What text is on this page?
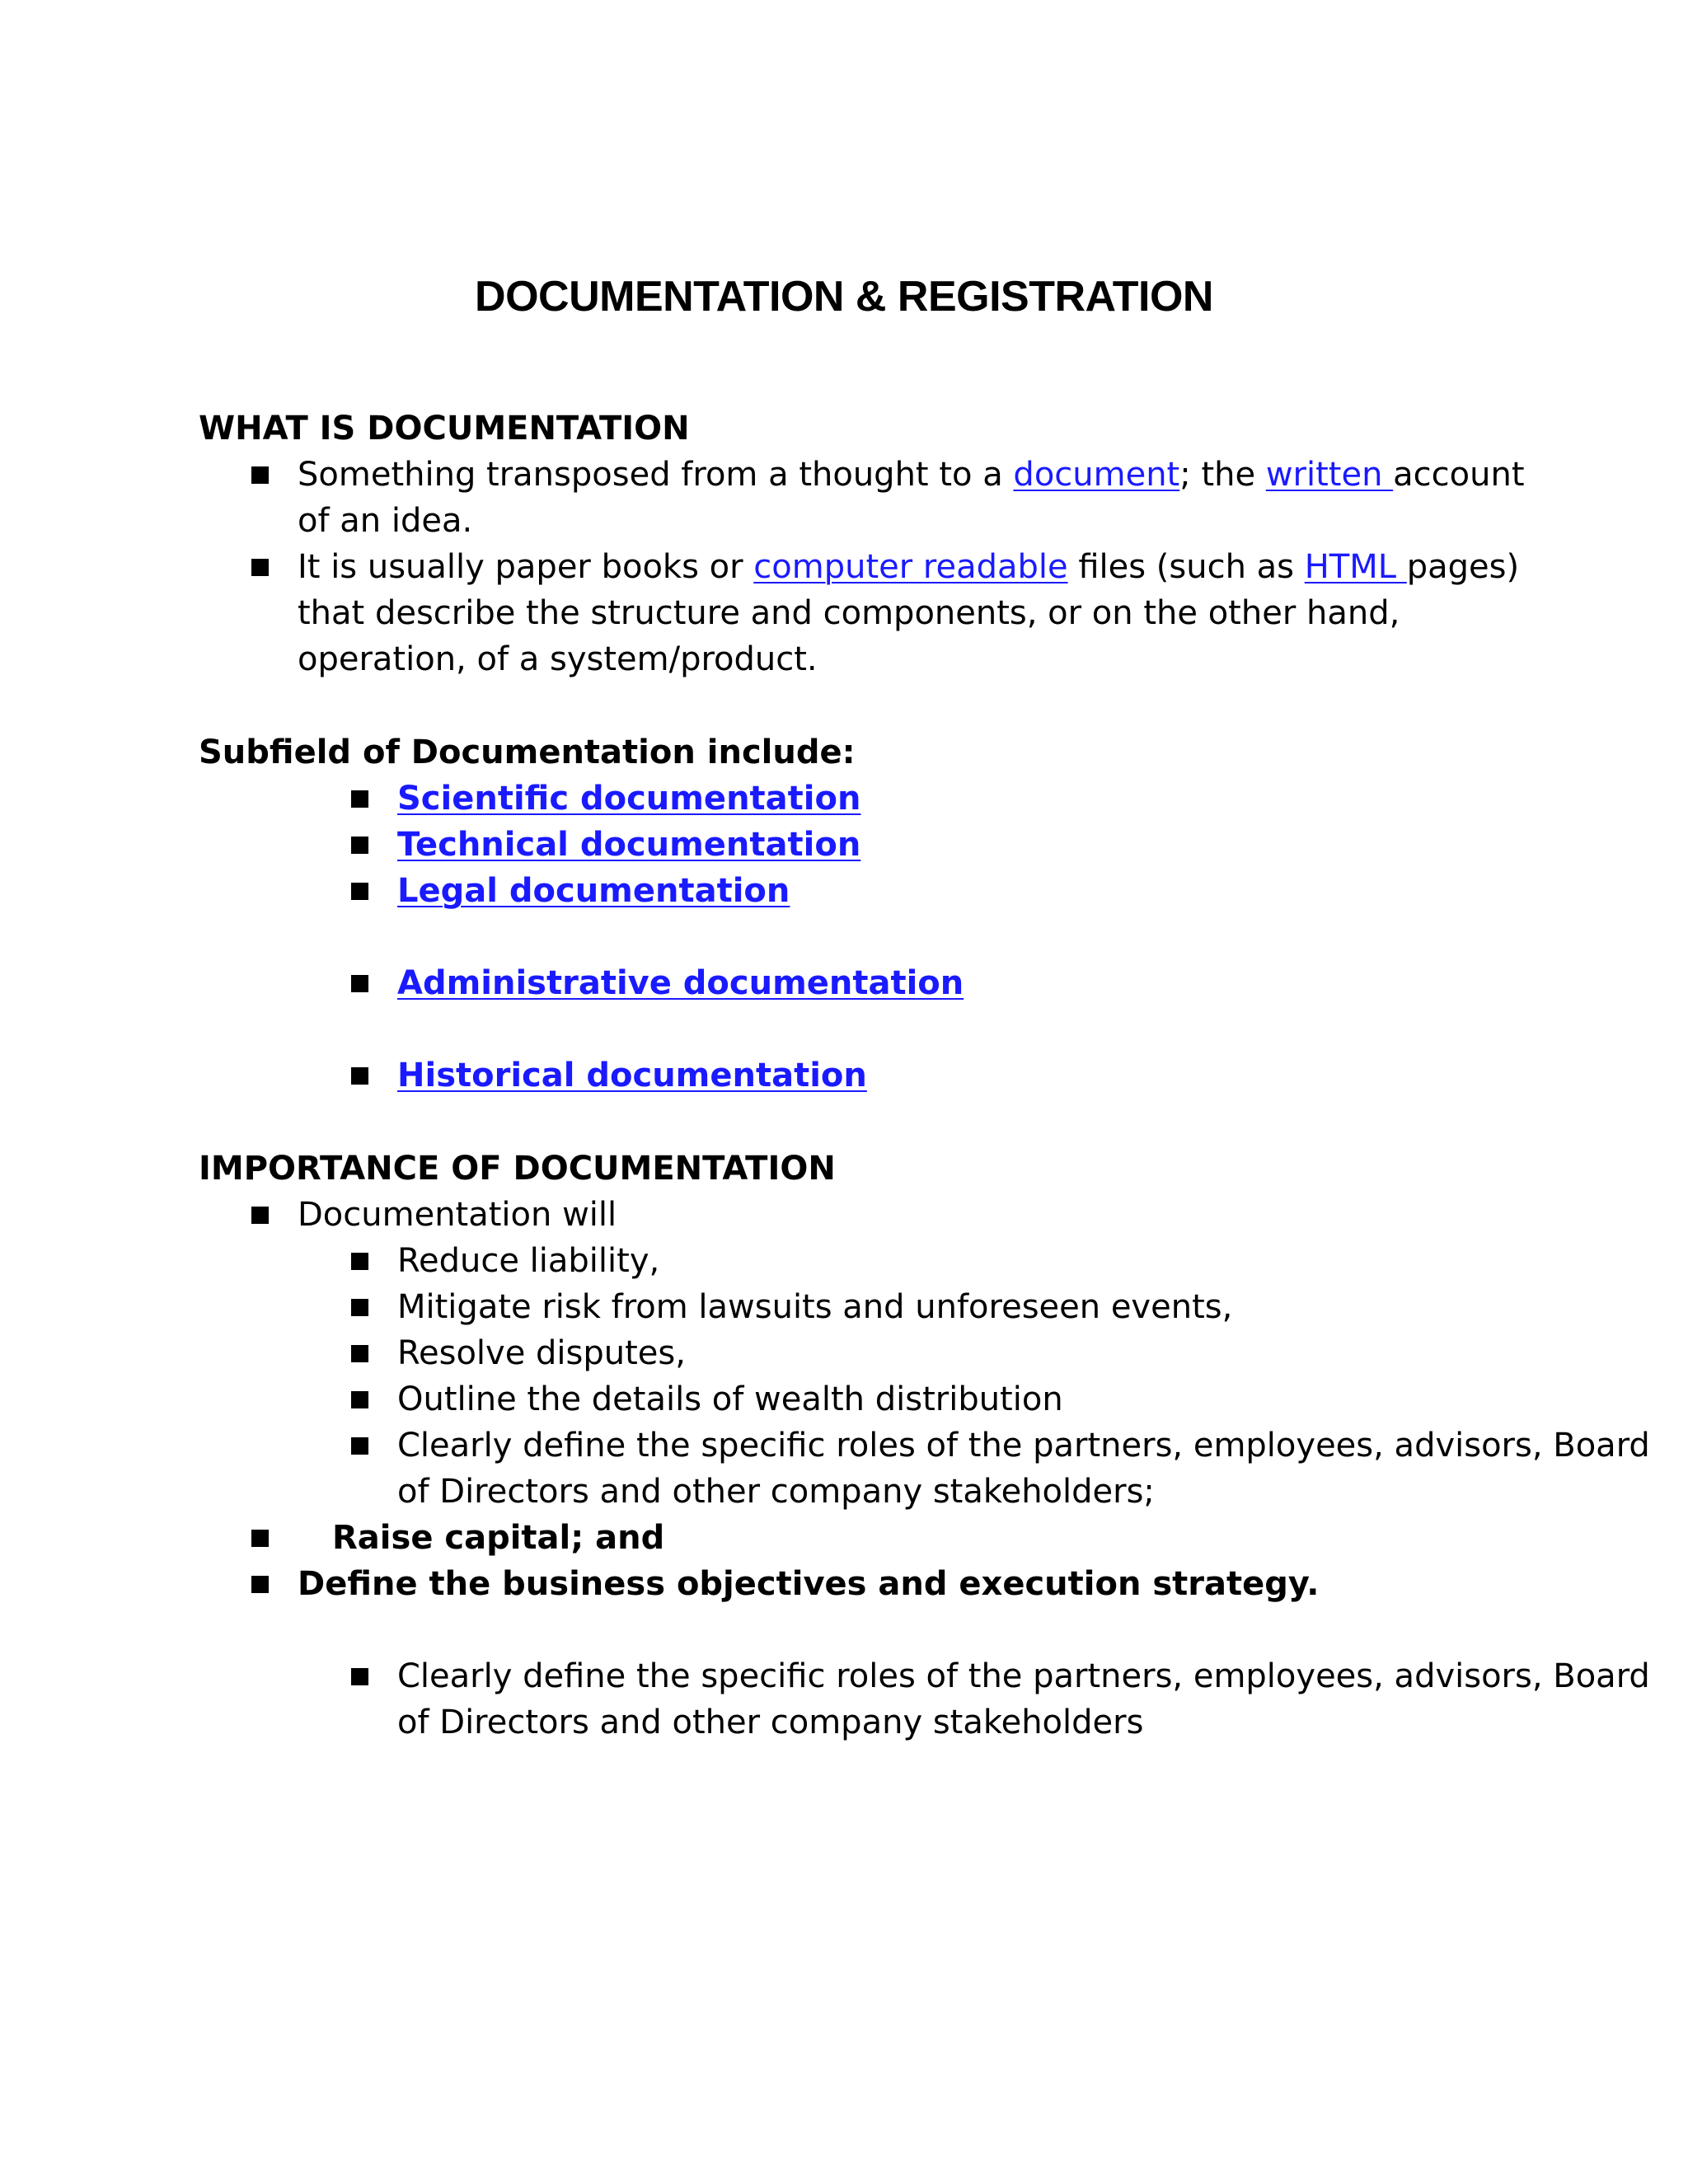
DOCUMENTATION & REGISTRATION

WHAT IS DOCUMENTATION

Something transposed from a thought to a document; the written account of an idea.
It is usually paper books or computer readable files (such as HTML pages) that describe the structure and components, or on the other hand, operation, of a system/product.

Subfield of Documentation include:

Scientific documentation
Technical documentation
Legal documentation
Administrative documentation
Historical documentation

IMPORTANCE OF DOCUMENTATION

Documentation will
Reduce liability,
Mitigate risk from lawsuits and unforeseen events,
Resolve disputes,
Outline the details of wealth distribution
Clearly define the specific roles of the partners, employees, advisors, Board of Directors and other company stakeholders;
Raise capital; and
Define the business objectives and execution strategy.
Clearly define the specific roles of the partners, employees, advisors, Board of Directors and other company stakeholders
